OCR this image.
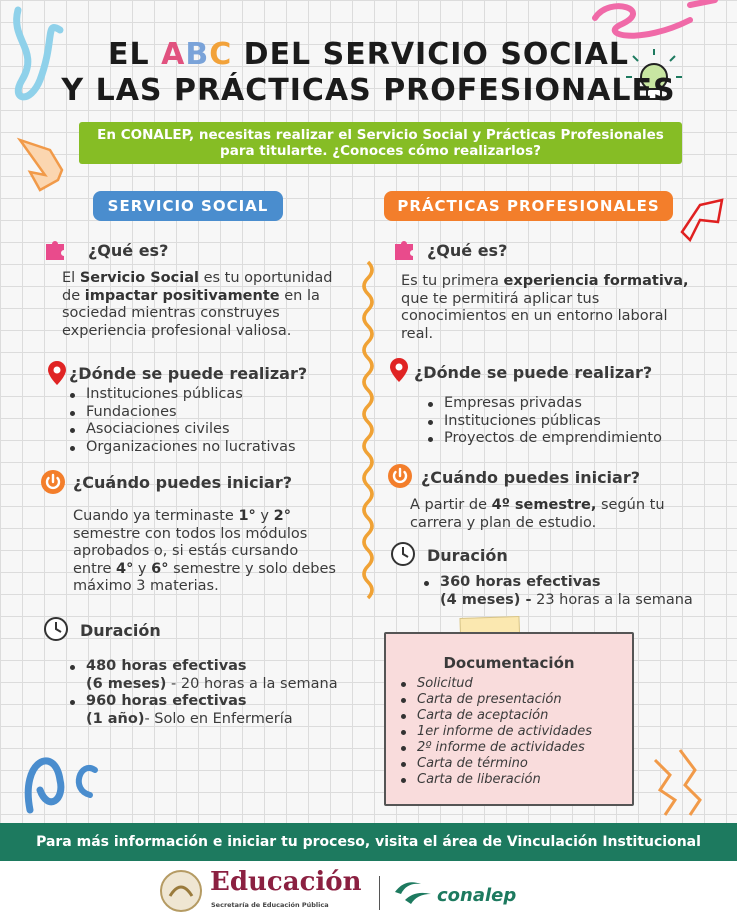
EL ABC DEL SERVICIO SOCIAL
Y LAS PRÁCTICAS PROFESIONALES
En CONALEP, necesitas realizar el Servicio Social y Prácticas Profesionales para titularte. ¿Conoces cómo realizarlos?
SERVICIO SOCIAL	PRÁCTICAS PROFESIONALES
¿Qué es?
El Servicio Social es tu oportunidad de impactar positivamente en la sociedad mientras construyes experiencia profesional valiosa.
¿Dónde se puede realizar?
Instituciones públicas
Fundaciones
Asociaciones civiles
Organizaciones no lucrativas
¿Cuándo puedes iniciar?
Cuando ya terminaste 1° y 2° semestre con todos los módulos aprobados o, si estás cursando entre 4° y 6° semestre y solo debes máximo 3 materias.
Duración
480 horas efectivas
(6 meses) - 20 horas a la semana
960 horas efectivas
(1 año)- Solo en Enfermería
¿Qué es?
Es tu primera experiencia formativa, que te permitirá aplicar tus conocimientos en un entorno laboral real.
¿Dónde se puede realizar?
Empresas privadas
Instituciones públicas
Proyectos de emprendimiento
¿Cuándo puedes iniciar?
A partir de 4º semestre, según tu carrera y plan de estudio.
Duración
360 horas efectivas
(4 meses) - 23 horas a la semana
Documentación
Solicitud
Carta de presentación
Carta de aceptación
1er informe de actividades
2º informe de actividades
Carta de término
Carta de liberación
Para más información e iniciar tu proceso, visita el área de Vinculación Institucional
Educación
Secretaría de Educación Pública	conalep
